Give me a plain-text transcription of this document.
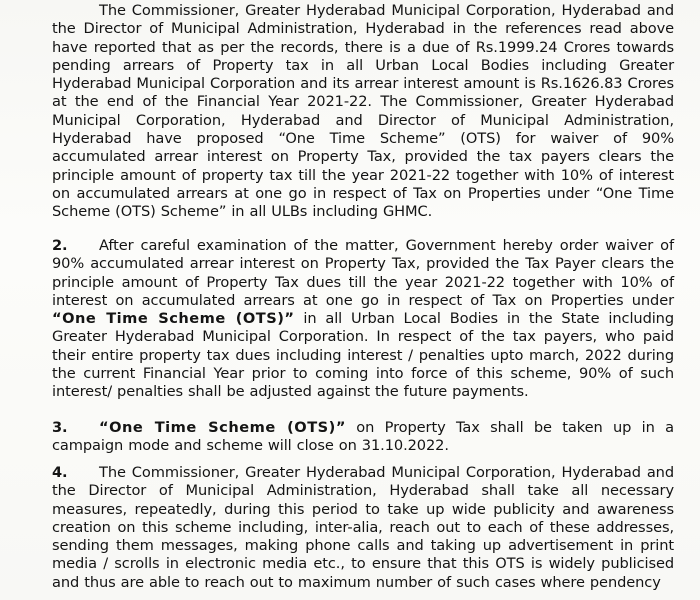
The Commissioner, Greater Hyderabad Municipal Corporation, Hyderabad and the Director of Municipal Administration, Hyderabad in the references read above have reported that as per the records, there is a due of Rs.1999.24 Crores towards pending arrears of Property tax in all Urban Local Bodies including Greater Hyderabad Municipal Corporation and its arrear interest amount is Rs.1626.83 Crores at the end of the Financial Year 2021-22. The Commissioner, Greater Hyderabad Municipal Corporation, Hyderabad and Director of Municipal Administration, Hyderabad have proposed “One Time Scheme” (OTS) for waiver of 90% accumulated arrear interest on Property Tax, provided the tax payers clears the principle amount of property tax till the year 2021-22 together with 10% of interest on accumulated arrears at one go in respect of Tax on Properties under “One Time Scheme (OTS) Scheme” in all ULBs including GHMC.

2. After careful examination of the matter, Government hereby order waiver of 90% accumulated arrear interest on Property Tax, provided the Tax Payer clears the principle amount of Property Tax dues till the year 2021-22 together with 10% of interest on accumulated arrears at one go in respect of Tax on Properties under “One Time Scheme (OTS)” in all Urban Local Bodies in the State including Greater Hyderabad Municipal Corporation. In respect of the tax payers, who paid their entire property tax dues including interest / penalties upto march, 2022 during the current Financial Year prior to coming into force of this scheme, 90% of such interest/ penalties shall be adjusted against the future payments.

3. “One Time Scheme (OTS)” on Property Tax shall be taken up in a campaign mode and scheme will close on 31.10.2022.

4. The Commissioner, Greater Hyderabad Municipal Corporation, Hyderabad and the Director of Municipal Administration, Hyderabad shall take all necessary measures, repeatedly, during this period to take up wide publicity and awareness creation on this scheme including, inter-alia, reach out to each of these addresses, sending them messages, making phone calls and taking up advertisement in print media / scrolls in electronic media etc., to ensure that this OTS is widely publicised and thus are able to reach out to maximum number of such cases where pendency
